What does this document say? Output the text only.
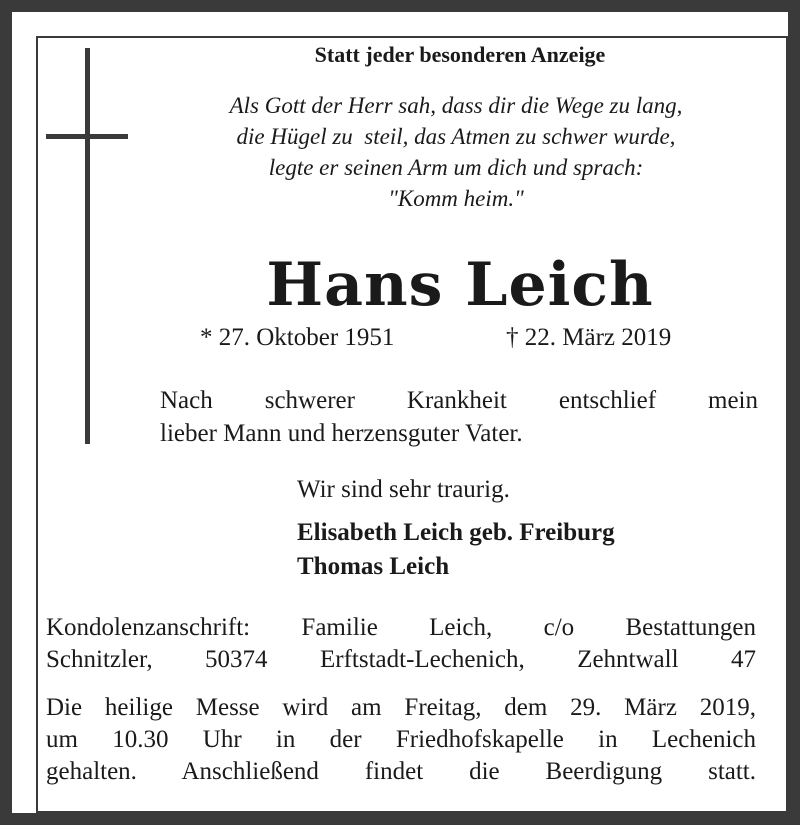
Statt jeder besonderen Anzeige
Als Gott der Herr sah, dass dir die Wege zu lang,
die Hügel zu  steil, das Atmen zu schwer wurde,
legte er seinen Arm um dich und sprach:
"Komm heim."
Hans Leich
* 27. Oktober 1951	† 22. März 2019
Nach schwerer Krankheit entschlief mein
lieber Mann und herzensguter Vater.
Wir sind sehr traurig.
Elisabeth Leich geb. Freiburg
Thomas Leich
Kondolenzanschrift: Familie Leich, c/o Bestattungen
Schnitzler, 50374 Erftstadt-Lechenich, Zehntwall 47
Die heilige Messe wird am Freitag, dem 29. März 2019,
um 10.30 Uhr in der Friedhofskapelle in Lechenich
gehalten. Anschließend findet die Beerdigung statt.
